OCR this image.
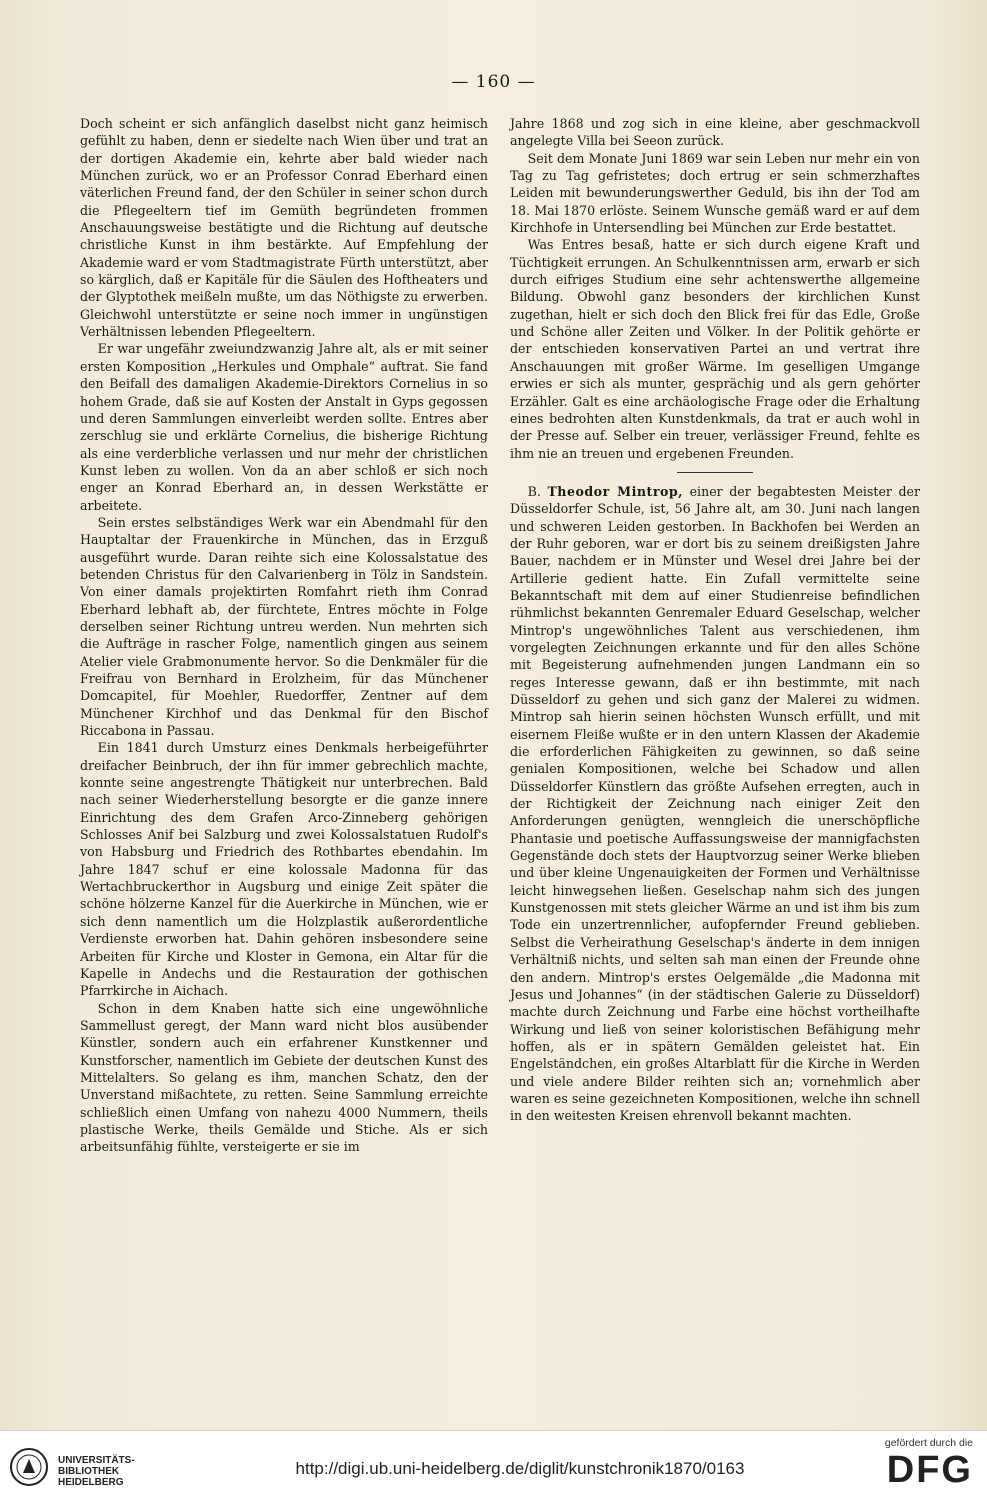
— 160 —

Doch scheint er sich anfänglich daselbst nicht ganz heimisch gefühlt zu haben, denn er siedelte nach Wien über und trat an der dortigen Akademie ein, kehrte aber bald wieder nach München zurück, wo er an Professor Conrad Eberhard einen väterlichen Freund fand, der den Schüler in seiner schon durch die Pflegeeltern tief im Gemüth begründeten frommen Anschauungsweise bestätigte und die Richtung auf deutsche christliche Kunst in ihm bestärkte. Auf Empfehlung der Akademie ward er vom Stadtmagistrate Fürth unterstützt, aber so kärglich, daß er Kapitäle für die Säulen des Hoftheaters und der Glyptothek meißeln mußte, um das Nöthigste zu erwerben. Gleichwohl unterstützte er seine noch immer in ungünstigen Verhältnissen lebenden Pflegeeltern.

Er war ungefähr zweiundzwanzig Jahre alt, als er mit seiner ersten Komposition „Herkules und Omphale“ auftrat. Sie fand den Beifall des damaligen Akademie-Direktors Cornelius in so hohem Grade, daß sie auf Kosten der Anstalt in Gyps gegossen und deren Sammlungen einverleibt werden sollte. Entres aber zerschlug sie und erklärte Cornelius, die bisherige Richtung als eine verderbliche verlassen und nur mehr der christlichen Kunst leben zu wollen. Von da an aber schloß er sich noch enger an Konrad Eberhard an, in dessen Werkstätte er arbeitete.

Sein erstes selbständiges Werk war ein Abendmahl für den Hauptaltar der Frauenkirche in München, das in Erzguß ausgeführt wurde. Daran reihte sich eine Kolossalstatue des betenden Christus für den Calvarienberg in Tölz in Sandstein. Von einer damals projektirten Romfahrt rieth ihm Conrad Eberhard lebhaft ab, der fürchtete, Entres möchte in Folge derselben seiner Richtung untreu werden. Nun mehrten sich die Aufträge in rascher Folge, namentlich gingen aus seinem Atelier viele Grabmonumente hervor. So die Denkmäler für die Freifrau von Bernhard in Erolzheim, für das Münchener Domcapitel, für Moehler, Ruedorffer, Zentner auf dem Münchener Kirchhof und das Denkmal für den Bischof Riccabona in Passau.

Ein 1841 durch Umsturz eines Denkmals herbeigeführter dreifacher Beinbruch, der ihn für immer gebrechlich machte, konnte seine angestrengte Thätigkeit nur unterbrechen. Bald nach seiner Wiederherstellung besorgte er die ganze innere Einrichtung des dem Grafen Arco-Zinneberg gehörigen Schlosses Anif bei Salzburg und zwei Kolossalstatuen Rudolf's von Habsburg und Friedrich des Rothbartes ebendahin. Im Jahre 1847 schuf er eine kolossale Madonna für das Wertachbruckerthor in Augsburg und einige Zeit später die schöne hölzerne Kanzel für die Auerkirche in München, wie er sich denn namentlich um die Holzplastik außerordentliche Verdienste erworben hat. Dahin gehören insbesondere seine Arbeiten für Kirche und Kloster in Gemona, ein Altar für die Kapelle in Andechs und die Restauration der gothischen Pfarrkirche in Aichach.

Schon in dem Knaben hatte sich eine ungewöhnliche Sammellust geregt, der Mann ward nicht blos ausübender Künstler, sondern auch ein erfahrener Kunstkenner und Kunstforscher, namentlich im Gebiete der deutschen Kunst des Mittelalters. So gelang es ihm, manchen Schatz, den der Unverstand mißachtete, zu retten. Seine Sammlung erreichte schließlich einen Umfang von nahezu 4000 Nummern, theils plastische Werke, theils Gemälde und Stiche. Als er sich arbeitsunfähig fühlte, versteigerte er sie im

Jahre 1868 und zog sich in eine kleine, aber geschmackvoll angelegte Villa bei Seeon zurück.

Seit dem Monate Juni 1869 war sein Leben nur mehr ein von Tag zu Tag gefristetes; doch ertrug er sein schmerzhaftes Leiden mit bewunderungswerther Geduld, bis ihn der Tod am 18. Mai 1870 erlöste. Seinem Wunsche gemäß ward er auf dem Kirchhofe in Untersendling bei München zur Erde bestattet.

Was Entres besaß, hatte er sich durch eigene Kraft und Tüchtigkeit errungen. An Schulkenntnissen arm, erwarb er sich durch eifriges Studium eine sehr achtenswerthe allgemeine Bildung. Obwohl ganz besonders der kirchlichen Kunst zugethan, hielt er sich doch den Blick frei für das Edle, Große und Schöne aller Zeiten und Völker. In der Politik gehörte er der entschieden konservativen Partei an und vertrat ihre Anschauungen mit großer Wärme. Im geselligen Umgange erwies er sich als munter, gesprächig und als gern gehörter Erzähler. Galt es eine archäologische Frage oder die Erhaltung eines bedrohten alten Kunstdenkmals, da trat er auch wohl in der Presse auf. Selber ein treuer, verlässiger Freund, fehlte es ihm nie an treuen und ergebenen Freunden.

B. Theodor Mintrop, einer der begabtesten Meister der Düsseldorfer Schule, ist, 56 Jahre alt, am 30. Juni nach langen und schweren Leiden gestorben. In Backhofen bei Werden an der Ruhr geboren, war er dort bis zu seinem dreißigsten Jahre Bauer, nachdem er in Münster und Wesel drei Jahre bei der Artillerie gedient hatte. Ein Zufall vermittelte seine Bekanntschaft mit dem auf einer Studienreise befindlichen rühmlichst bekannten Genremaler Eduard Geselschap, welcher Mintrop's ungewöhnliches Talent aus verschiedenen, ihm vorgelegten Zeichnungen erkannte und für den alles Schöne mit Begeisterung aufnehmenden jungen Landmann ein so reges Interesse gewann, daß er ihn bestimmte, mit nach Düsseldorf zu gehen und sich ganz der Malerei zu widmen. Mintrop sah hierin seinen höchsten Wunsch erfüllt, und mit eisernem Fleiße wußte er in den untern Klassen der Akademie die erforderlichen Fähigkeiten zu gewinnen, so daß seine genialen Kompositionen, welche bei Schadow und allen Düsseldorfer Künstlern das größte Aufsehen erregten, auch in der Richtigkeit der Zeichnung nach einiger Zeit den Anforderungen genügten, wenngleich die unerschöpfliche Phantasie und poetische Auffassungsweise der mannigfachsten Gegenstände doch stets der Hauptvorzug seiner Werke blieben und über kleine Ungenauigkeiten der Formen und Verhältnisse leicht hinwegsehen ließen. Geselschap nahm sich des jungen Kunstgenossen mit stets gleicher Wärme an und ist ihm bis zum Tode ein unzertrennlicher, aufopfernder Freund geblieben. Selbst die Verheirathung Geselschap's änderte in dem innigen Verhältniß nichts, und selten sah man einen der Freunde ohne den andern. Mintrop's erstes Oelgemälde „die Madonna mit Jesus und Johannes“ (in der städtischen Galerie zu Düsseldorf) machte durch Zeichnung und Farbe eine höchst vortheilhafte Wirkung und ließ von seiner koloristischen Befähigung mehr hoffen, als er in spätern Gemälden geleistet hat. Ein Engelständchen, ein großes Altarblatt für die Kirche in Werden und viele andere Bilder reihten sich an; vornehmlich aber waren es seine gezeichneten Kompositionen, welche ihn schnell in den weitesten Kreisen ehrenvoll bekannt machten.

UNIVERSITÄTS-
BIBLIOTHEK
HEIDELBERG
http://digi.ub.uni-heidelberg.de/diglit/kunstchronik1870/0163
gefördert durch die
DFG
